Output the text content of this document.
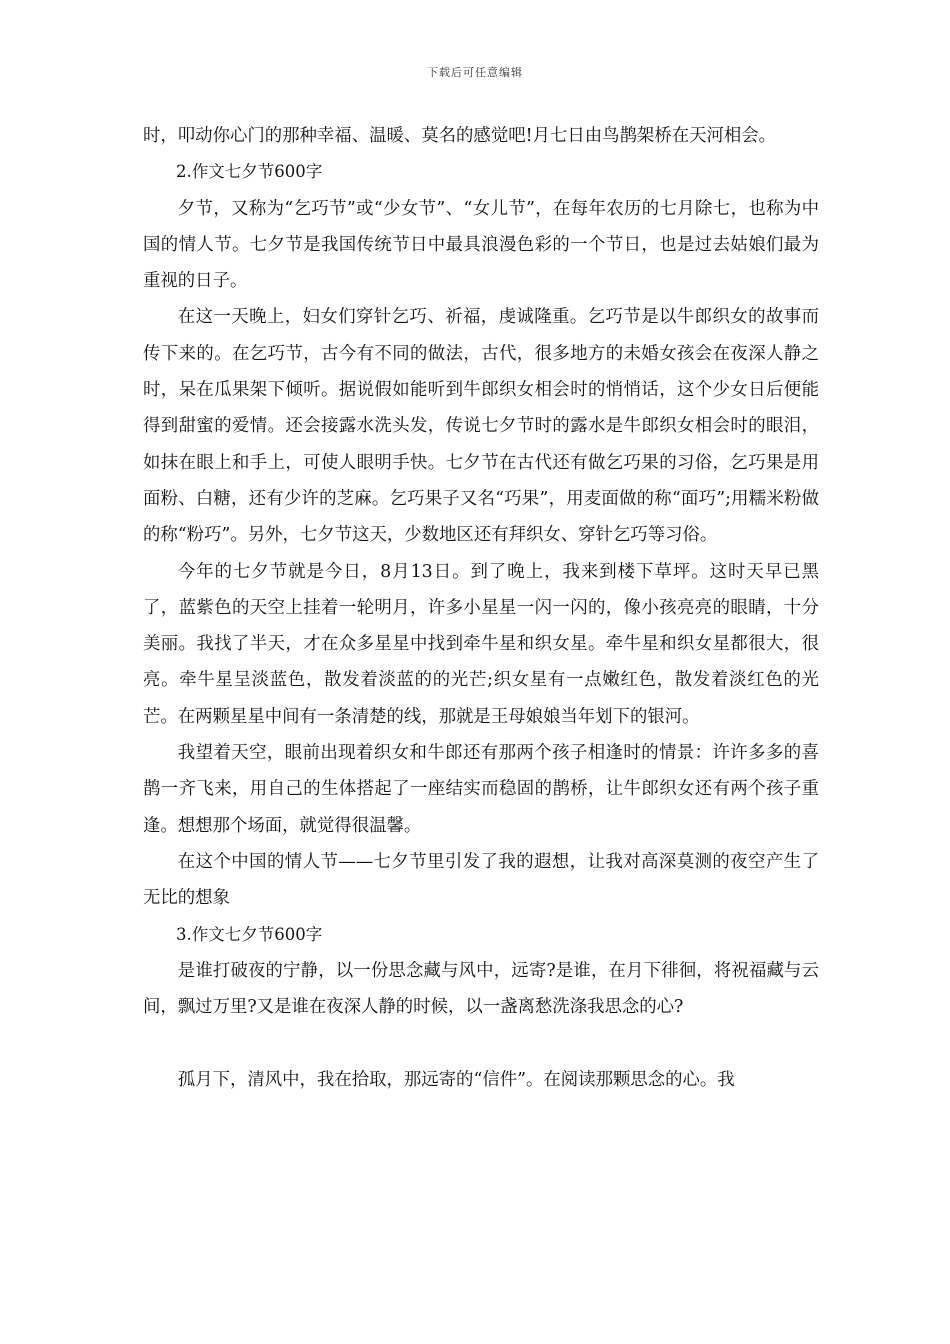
下载后可任意编辑

时，叩动你心门的那种幸福、温暖、莫名的感觉吧!月七日由鸟鹊架桥在天河相会。

2.作文七夕节600字

夕节，又称为“乞巧节”或“少女节”、“女儿节”，在每年农历的七月除七，也称为中国的情人节。七夕节是我国传统节日中最具浪漫色彩的一个节日，也是过去姑娘们最为重视的日子。

在这一天晚上，妇女们穿针乞巧、祈福，虔诚隆重。乞巧节是以牛郎织女的故事而传下来的。在乞巧节，古今有不同的做法，古代，很多地方的未婚女孩会在夜深人静之时，呆在瓜果架下倾听。据说假如能听到牛郎织女相会时的悄悄话，这个少女日后便能得到甜蜜的爱情。还会接露水洗头发，传说七夕节时的露水是牛郎织女相会时的眼泪，如抹在眼上和手上，可使人眼明手快。七夕节在古代还有做乞巧果的习俗，乞巧果是用面粉、白糖，还有少许的芝麻。乞巧果子又名“巧果”，用麦面做的称“面巧”;用糯米粉做的称“粉巧”。另外，七夕节这天，少数地区还有拜织女、穿针乞巧等习俗。

今年的七夕节就是今日，8月13日。到了晚上，我来到楼下草坪。这时天早已黑了，蓝紫色的天空上挂着一轮明月，许多小星星一闪一闪的，像小孩亮亮的眼睛，十分美丽。我找了半天，才在众多星星中找到牵牛星和织女星。牵牛星和织女星都很大，很亮。牵牛星呈淡蓝色，散发着淡蓝的的光芒;织女星有一点嫩红色，散发着淡红色的光芒。在两颗星星中间有一条清楚的线，那就是王母娘娘当年划下的银河。

我望着天空，眼前出现着织女和牛郎还有那两个孩子相逢时的情景：许许多多的喜鹊一齐飞来，用自己的生体搭起了一座结实而稳固的鹊桥，让牛郎织女还有两个孩子重逢。想想那个场面，就觉得很温馨。

在这个中国的情人节——七夕节里引发了我的遐想，让我对高深莫测的夜空产生了无比的想象

3.作文七夕节600字

是谁打破夜的宁静，以一份思念藏与风中，远寄?是谁，在月下徘徊，将祝福藏与云间，飘过万里?又是谁在夜深人静的时候，以一盏离愁洗涤我思念的心?

孤月下，清风中，我在拾取，那远寄的“信件”。在阅读那颗思念的心。我
